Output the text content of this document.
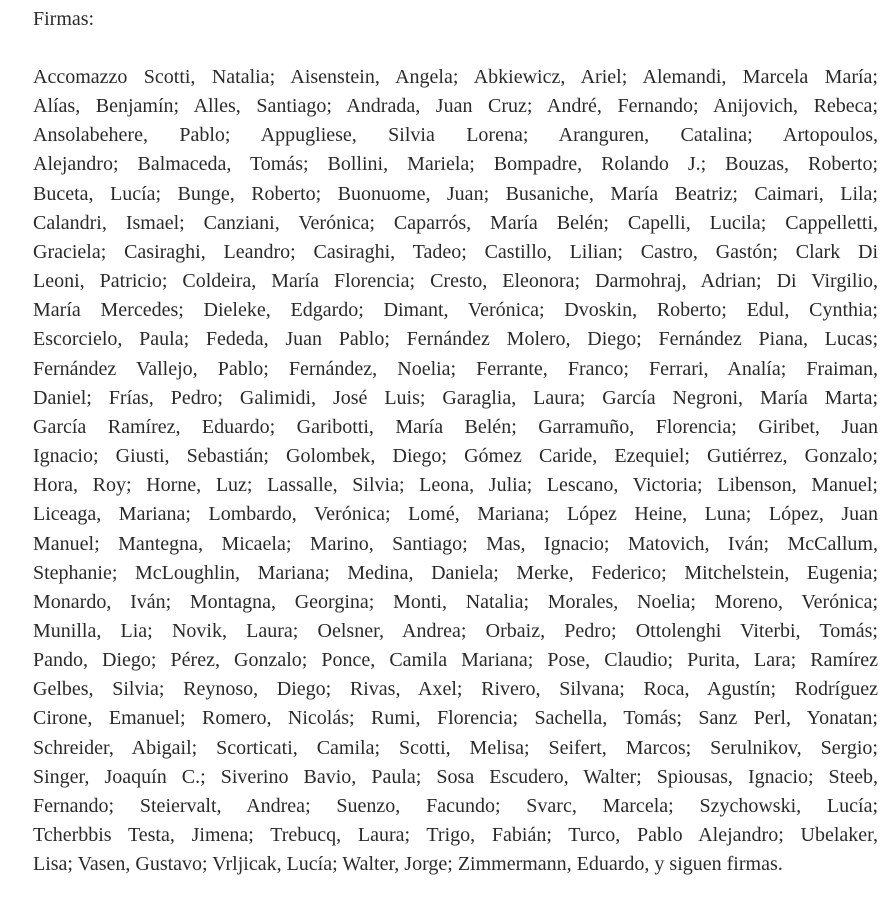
Firmas:
Accomazzo Scotti, Natalia; Aisenstein, Angela; Abkiewicz, Ariel; Alemandi, Marcela María;
Alías, Benjamín; Alles, Santiago; Andrada, Juan Cruz; André, Fernando; Anijovich, Rebeca;
Ansolabehere, Pablo; Appugliese, Silvia Lorena; Aranguren, Catalina; Artopoulos,
Alejandro; Balmaceda, Tomás; Bollini, Mariela; Bompadre, Rolando J.; Bouzas, Roberto;
Buceta, Lucía; Bunge, Roberto; Buonuome, Juan; Busaniche, María Beatriz; Caimari, Lila;
Calandri, Ismael; Canziani, Verónica; Caparrós, María Belén; Capelli, Lucila; Cappelletti,
Graciela; Casiraghi, Leandro; Casiraghi, Tadeo; Castillo, Lilian; Castro, Gastón; Clark Di
Leoni, Patricio; Coldeira, María Florencia; Cresto, Eleonora; Darmohraj, Adrian; Di Virgilio,
María Mercedes; Dieleke, Edgardo; Dimant, Verónica; Dvoskin, Roberto; Edul, Cynthia;
Escorcielo, Paula; Fededa, Juan Pablo; Fernández Molero, Diego; Fernández Piana, Lucas;
Fernández Vallejo, Pablo; Fernández, Noelia; Ferrante, Franco; Ferrari, Analía; Fraiman,
Daniel; Frías, Pedro; Galimidi, José Luis; Garaglia, Laura; García Negroni, María Marta;
García Ramírez, Eduardo; Garibotti, María Belén; Garramuño, Florencia; Giribet, Juan
Ignacio; Giusti, Sebastián; Golombek, Diego; Gómez Caride, Ezequiel; Gutiérrez, Gonzalo;
Hora, Roy; Horne, Luz; Lassalle, Silvia; Leona, Julia; Lescano, Victoria; Libenson, Manuel;
Liceaga, Mariana; Lombardo, Verónica; Lomé, Mariana; López Heine, Luna; López, Juan
Manuel; Mantegna, Micaela; Marino, Santiago; Mas, Ignacio; Matovich, Iván; McCallum,
Stephanie; McLoughlin, Mariana; Medina, Daniela; Merke, Federico; Mitchelstein, Eugenia;
Monardo, Iván; Montagna, Georgina; Monti, Natalia; Morales, Noelia; Moreno, Verónica;
Munilla, Lia; Novik, Laura; Oelsner, Andrea; Orbaiz, Pedro; Ottolenghi Viterbi, Tomás;
Pando, Diego; Pérez, Gonzalo; Ponce, Camila Mariana; Pose, Claudio; Purita, Lara; Ramírez
Gelbes, Silvia; Reynoso, Diego; Rivas, Axel; Rivero, Silvana; Roca, Agustín; Rodríguez
Cirone, Emanuel; Romero, Nicolás; Rumi, Florencia; Sachella, Tomás; Sanz Perl, Yonatan;
Schreider, Abigail; Scorticati, Camila; Scotti, Melisa; Seifert, Marcos; Serulnikov, Sergio;
Singer, Joaquín C.; Siverino Bavio, Paula; Sosa Escudero, Walter; Spiousas, Ignacio; Steeb,
Fernando; Steiervalt, Andrea; Suenzo, Facundo; Svarc, Marcela; Szychowski, Lucía;
Tcherbbis Testa, Jimena; Trebucq, Laura; Trigo, Fabián; Turco, Pablo Alejandro; Ubelaker,
Lisa; Vasen, Gustavo; Vrljicak, Lucía; Walter, Jorge; Zimmermann, Eduardo, y siguen firmas.
